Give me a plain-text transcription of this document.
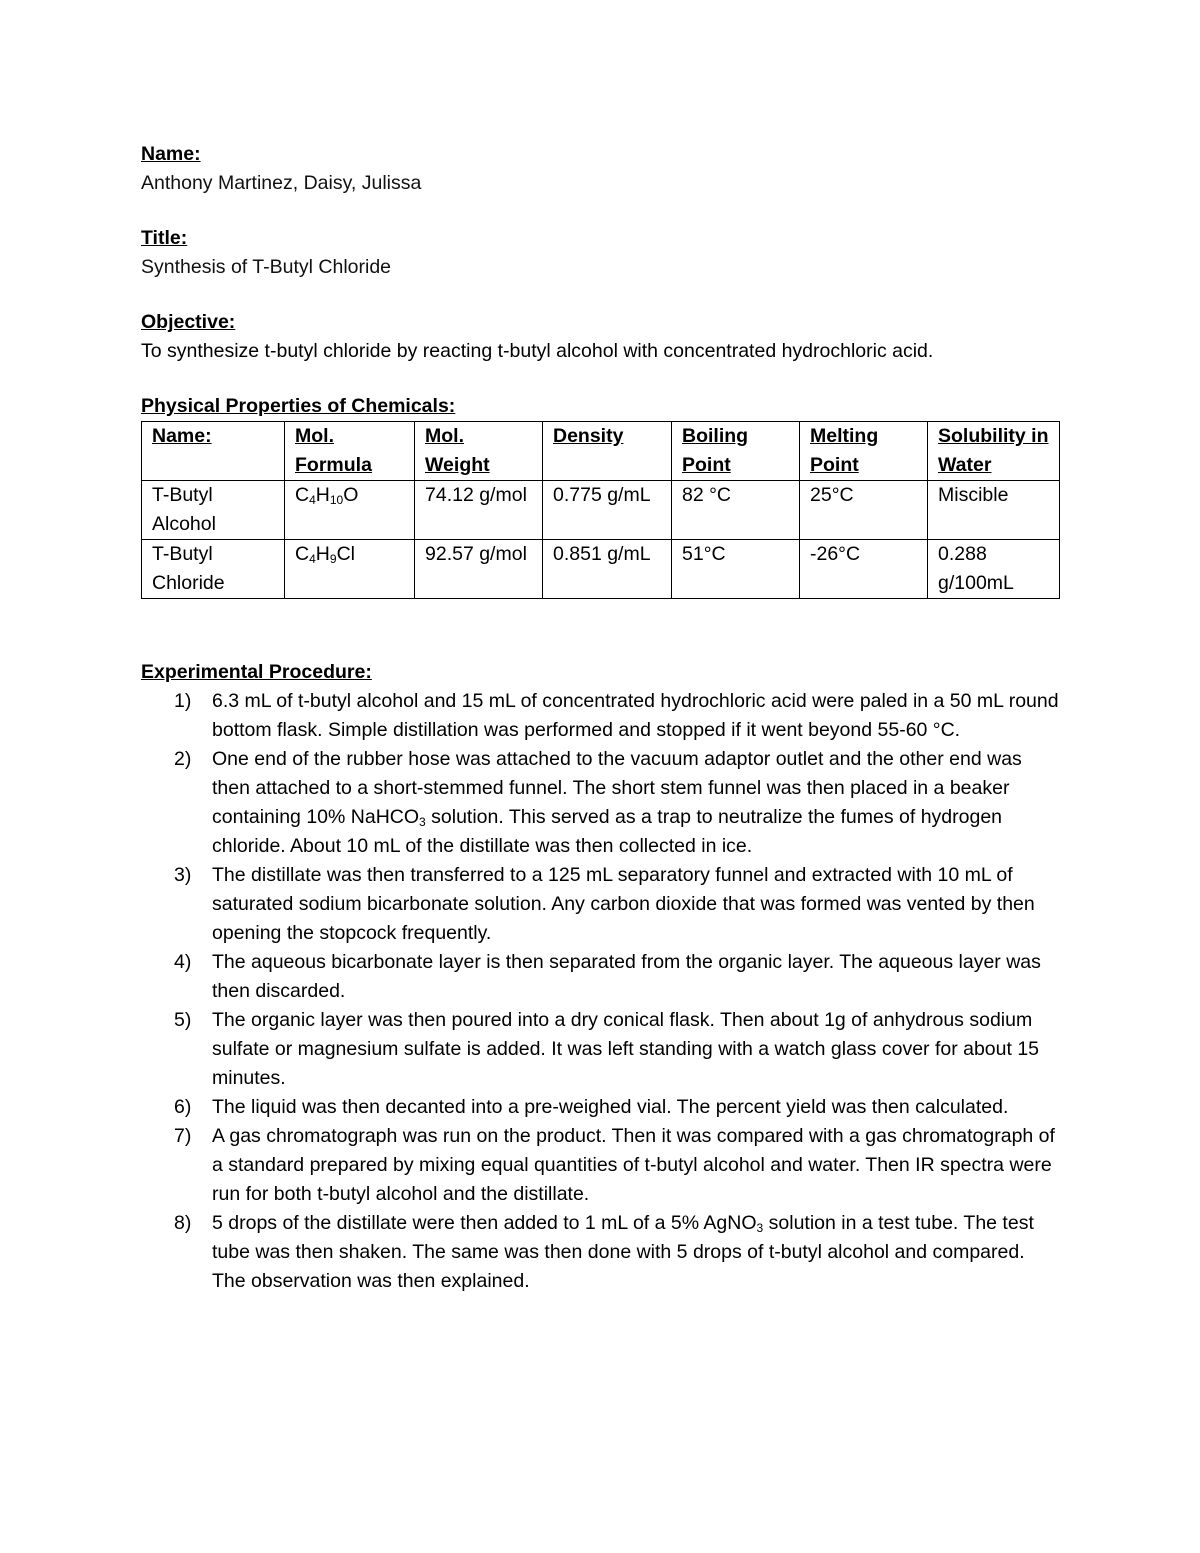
Name:

Anthony Martinez, Daisy, Julissa

Title:

Synthesis of T-Butyl Chloride

Objective:

To synthesize t-butyl chloride by reacting t-butyl alcohol with concentrated hydrochloric acid.

Physical Properties of Chemicals:

Name:	Mol. Formula	Mol. Weight	Density	Boiling Point	Melting Point	Solubility in Water
T-Butyl Alcohol	$C_4H_{10}O$	74.12 g/mol	0.775 g/mL	82 °C	25°C	Miscible
T-Butyl Chloride	$C_4H_9Cl$	92.57 g/mol	0.851 g/mL	51°C	-26°C	0.288 g/100mL

Experimental Procedure:

1) 6.3 mL of t-butyl alcohol and 15 mL of concentrated hydrochloric acid were paled in a 50 mL round bottom flask. Simple distillation was performed and stopped if it went beyond 55-60 °C.
2) One end of the rubber hose was attached to the vacuum adaptor outlet and the other end was then attached to a short-stemmed funnel. The short stem funnel was then placed in a beaker containing 10% NaHCO$_3$ solution. This served as a trap to neutralize the fumes of hydrogen chloride. About 10 mL of the distillate was then collected in ice.
3) The distillate was then transferred to a 125 mL separatory funnel and extracted with 10 mL of saturated sodium bicarbonate solution. Any carbon dioxide that was formed was vented by then opening the stopcock frequently.
4) The aqueous bicarbonate layer is then separated from the organic layer. The aqueous layer was then discarded.
5) The organic layer was then poured into a dry conical flask. Then about 1g of anhydrous sodium sulfate or magnesium sulfate is added. It was left standing with a watch glass cover for about 15 minutes.
6) The liquid was then decanted into a pre-weighed vial. The percent yield was then calculated.
7) A gas chromatograph was run on the product. Then it was compared with a gas chromatograph of a standard prepared by mixing equal quantities of t-butyl alcohol and water. Then IR spectra were run for both t-butyl alcohol and the distillate.
8) 5 drops of the distillate were then added to 1 mL of a 5% AgNO$_3$ solution in a test tube. The test tube was then shaken. The same was then done with 5 drops of t-butyl alcohol and compared. The observation was then explained.
